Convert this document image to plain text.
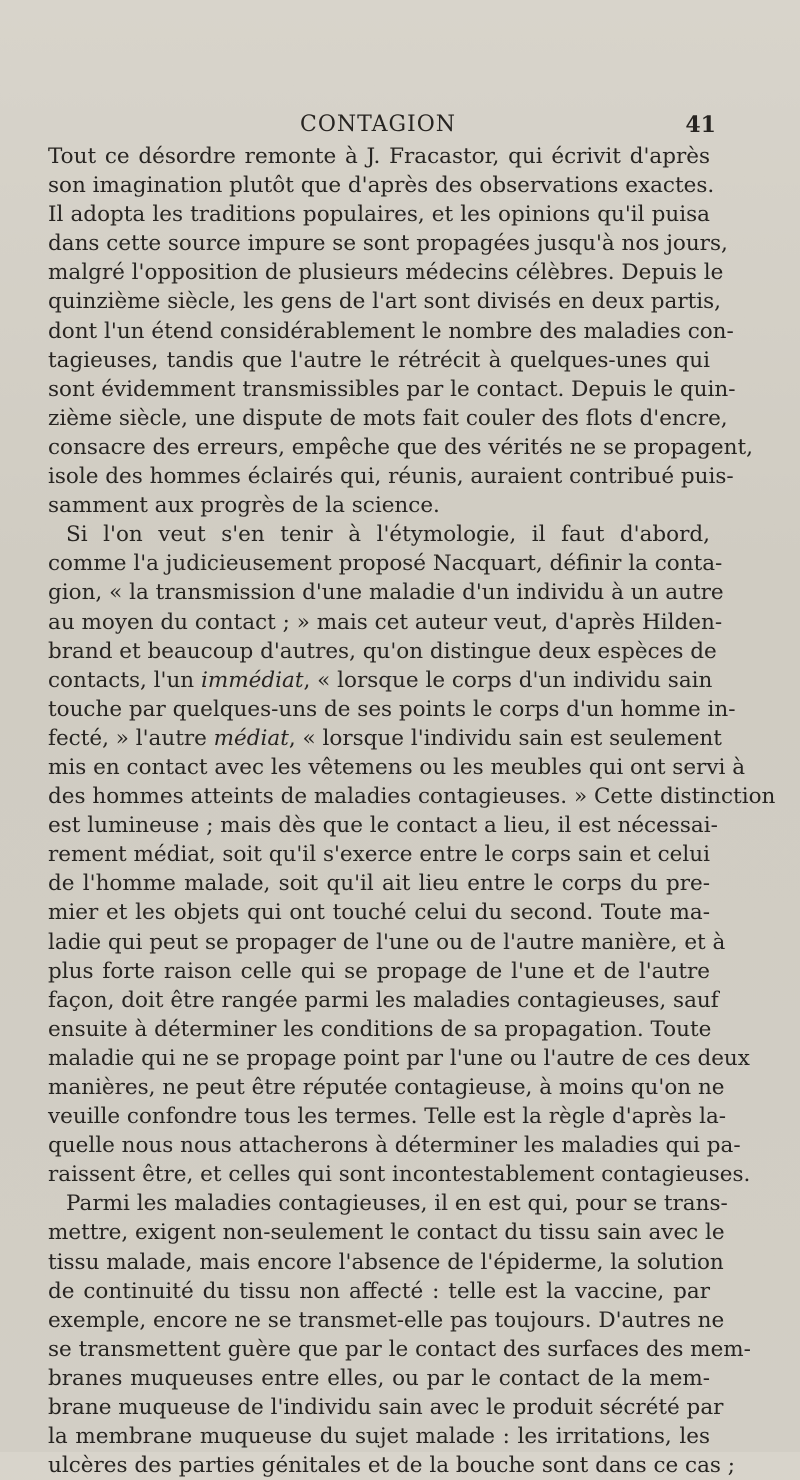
CONTAGION	41
Tout ce désordre remonte à J. Fracastor, qui écrivit d'après
son imagination plutôt que d'après des observations exactes.
Il adopta les traditions populaires, et les opinions qu'il puisa
dans cette source impure se sont propagées jusqu'à nos jours,
malgré l'opposition de plusieurs médecins célèbres. Depuis le
quinzième siècle, les gens de l'art sont divisés en deux partis,
dont l'un étend considérablement le nombre des maladies con-
tagieuses, tandis que l'autre le rétrécit à quelques-unes qui
sont évidemment transmissibles par le contact. Depuis le quin-
zième siècle, une dispute de mots fait couler des flots d'encre,
consacre des erreurs, empêche que des vérités ne se propagent,
isole des hommes éclairés qui, réunis, auraient contribué puis-
samment aux progrès de la science.
Si l'on veut s'en tenir à l'étymologie, il faut d'abord,
comme l'a judicieusement proposé Nacquart, définir la conta-
gion, « la transmission d'une maladie d'un individu à un autre
au moyen du contact ; » mais cet auteur veut, d'après Hilden-
brand et beaucoup d'autres, qu'on distingue deux espèces de
contacts, l'un immédiat, « lorsque le corps d'un individu sain
touche par quelques-uns de ses points le corps d'un homme in-
fecté, » l'autre médiat, « lorsque l'individu sain est seulement
mis en contact avec les vêtemens ou les meubles qui ont servi à
des hommes atteints de maladies contagieuses. » Cette distinction
est lumineuse ; mais dès que le contact a lieu, il est nécessai-
rement médiat, soit qu'il s'exerce entre le corps sain et celui
de l'homme malade, soit qu'il ait lieu entre le corps du pre-
mier et les objets qui ont touché celui du second. Toute ma-
ladie qui peut se propager de l'une ou de l'autre manière, et à
plus forte raison celle qui se propage de l'une et de l'autre
façon, doit être rangée parmi les maladies contagieuses, sauf
ensuite à déterminer les conditions de sa propagation. Toute
maladie qui ne se propage point par l'une ou l'autre de ces deux
manières, ne peut être réputée contagieuse, à moins qu'on ne
veuille confondre tous les termes. Telle est la règle d'après la-
quelle nous nous attacherons à déterminer les maladies qui pa-
raissent être, et celles qui sont incontestablement contagieuses.
Parmi les maladies contagieuses, il en est qui, pour se trans-
mettre, exigent non-seulement le contact du tissu sain avec le
tissu malade, mais encore l'absence de l'épiderme, la solution
de continuité du tissu non affecté : telle est la vaccine, par
exemple, encore ne se transmet-elle pas toujours. D'autres ne
se transmettent guère que par le contact des surfaces des mem-
branes muqueuses entre elles, ou par le contact de la mem-
brane muqueuse de l'individu sain avec le produit sécrété par
la membrane muqueuse du sujet malade : les irritations, les
ulcères des parties génitales et de la bouche sont dans ce cas ;
